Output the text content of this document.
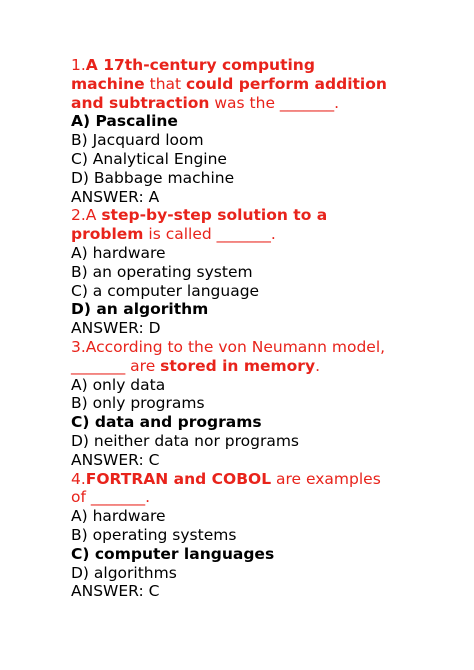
1.A 17th-century computing
machine that could perform addition
and subtraction was the _______.
A) Pascaline
B) Jacquard loom
C) Analytical Engine
D) Babbage machine
ANSWER: A
2.A step-by-step solution to a
problem is called _______.
A) hardware
B) an operating system
C) a computer language
D) an algorithm
ANSWER: D
3.According to the von Neumann model,
_______ are stored in memory.
A) only data
B) only programs
C) data and programs
D) neither data nor programs
ANSWER: C
4.FORTRAN and COBOL are examples
of _______.
A) hardware
B) operating systems
C) computer languages
D) algorithms
ANSWER: C
